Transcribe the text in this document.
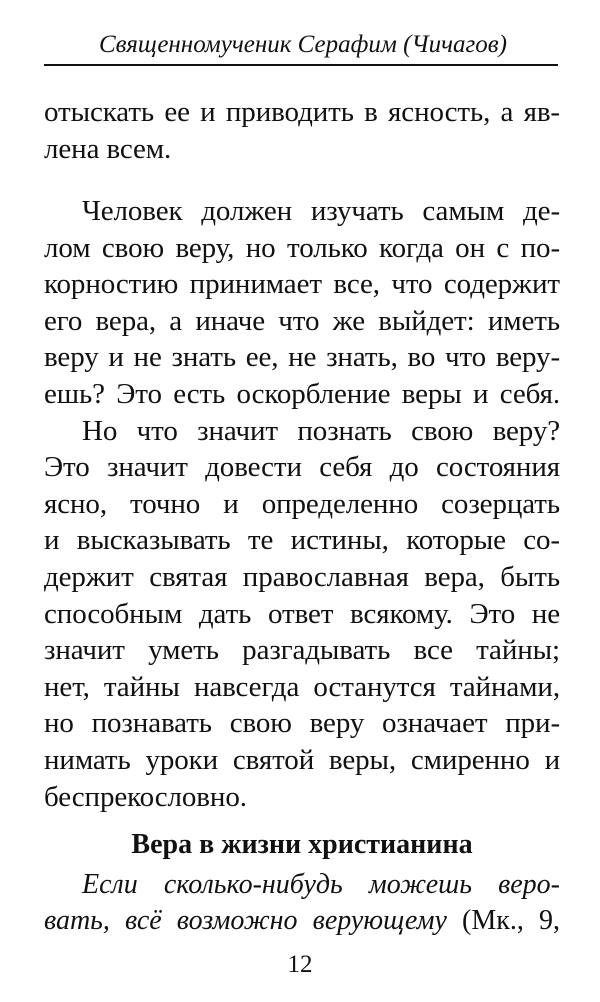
Священномученик Серафим (Чичагов)
отыскать ее и приводить в ясность, а яв-
лена всем.
Человек должен изучать самым де-
лом свою веру, но только когда он с по-
корностию принимает все, что содержит
его вера, а иначе что же выйдет: иметь
веру и не знать ее, не знать, во что веру-
ешь? Это есть оскорбление веры и себя.
Но что значит познать свою веру?
Это значит довести себя до состояния
ясно, точно и определенно созерцать
и высказывать те истины, которые со-
держит святая православная вера, быть
способным дать ответ всякому. Это не
значит уметь разгадывать все тайны;
нет, тайны навсегда останутся тайнами,
но познавать свою веру означает при-
нимать уроки святой веры, смиренно и
беспрекословно.
Вера в жизни христианина
Если сколько-нибудь можешь веро-
вать, всё возможно верующему (Мк., 9,
12
